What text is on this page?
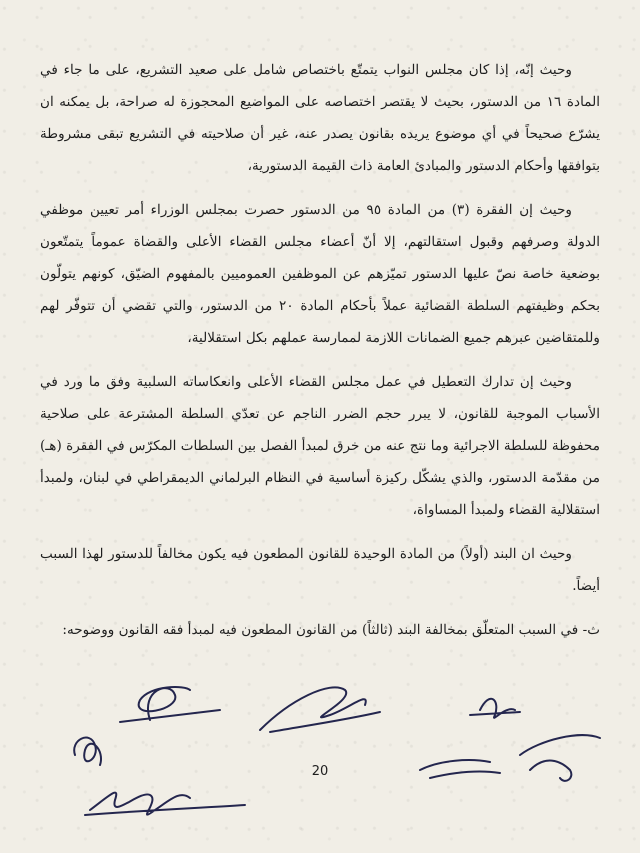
وحيث إنّه، إذا كان مجلس النواب يتمتّع باختصاص شامل على صعيد التشريع، على ما جاء في المادة ١٦ من الدستور، بحيث لا يقتصر اختصاصه على المواضيع المحجوزة له صراحة، بل يمكنه ان يشرّع صحيحاً في أي موضوع يريده بقانون يصدر عنه، غير أن صلاحيته في التشريع تبقى مشروطة بتوافقها وأحكام الدستور والمبادئ العامة ذات القيمة الدستورية،

وحيث إن الفقرة (٣) من المادة ٩٥ من الدستور حصرت بمجلس الوزراء أمر تعيين موظفي الدولة وصرفهم وقبول استقالتهم، إلا أنّ أعضاء مجلس القضاء الأعلى والقضاة عموماً يتمتّعون بوضعية خاصة نصّ عليها الدستور تميّزهم عن الموظفين العموميين بالمفهوم الضيّق، كونهم يتولّون بحكم وظيفتهم السلطة القضائية عملاً بأحكام المادة ٢٠ من الدستور، والتي تقضي أن تتوفّر لهم وللمتقاضين عبرهم جميع الضمانات اللازمة لممارسة عملهم بكل استقلالية،

وحيث إن تدارك التعطيل في عمل مجلس القضاء الأعلى وانعكاساته السلبية وفق ما ورد في الأسباب الموجبة للقانون، لا يبرر حجم الضرر الناجم عن تعدّي السلطة المشترعة على صلاحية محفوظة للسلطة الاجرائية وما نتج عنه من خرق لمبدأ الفصل بين السلطات المكرّس في الفقرة (هـ) من مقدّمة الدستور، والذي يشكّل ركيزة أساسية في النظام البرلماني الديمقراطي في لبنان، ولمبدأ استقلالية القضاء ولمبدأ المساواة،

وحيث ان البند (أولاً) من المادة الوحيدة للقانون المطعون فيه يكون مخالفاً للدستور لهذا السبب أيضاً.

ث- في السبب المتعلّق بمخالفة البند (ثالثاً) من القانون المطعون فيه لمبدأ فقه القانون ووضوحه:

20
